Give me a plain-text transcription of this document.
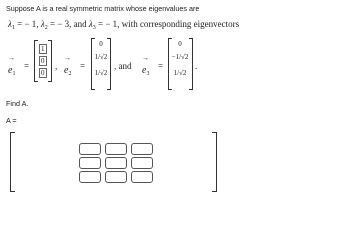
Suppose A is a real symmetric matrix whose eigenvalues are
$\lambda_1$ = − 1, $\lambda_2$ = − 3, and $\lambda_3$ = − 1, with corresponding eigenvectors
→
e1
=
1
0
0
,
→
e2
=
0
1/√2
1/√2
, and
→
e3
=
0
−1/√2
1/√2
.
Find A.
A =
